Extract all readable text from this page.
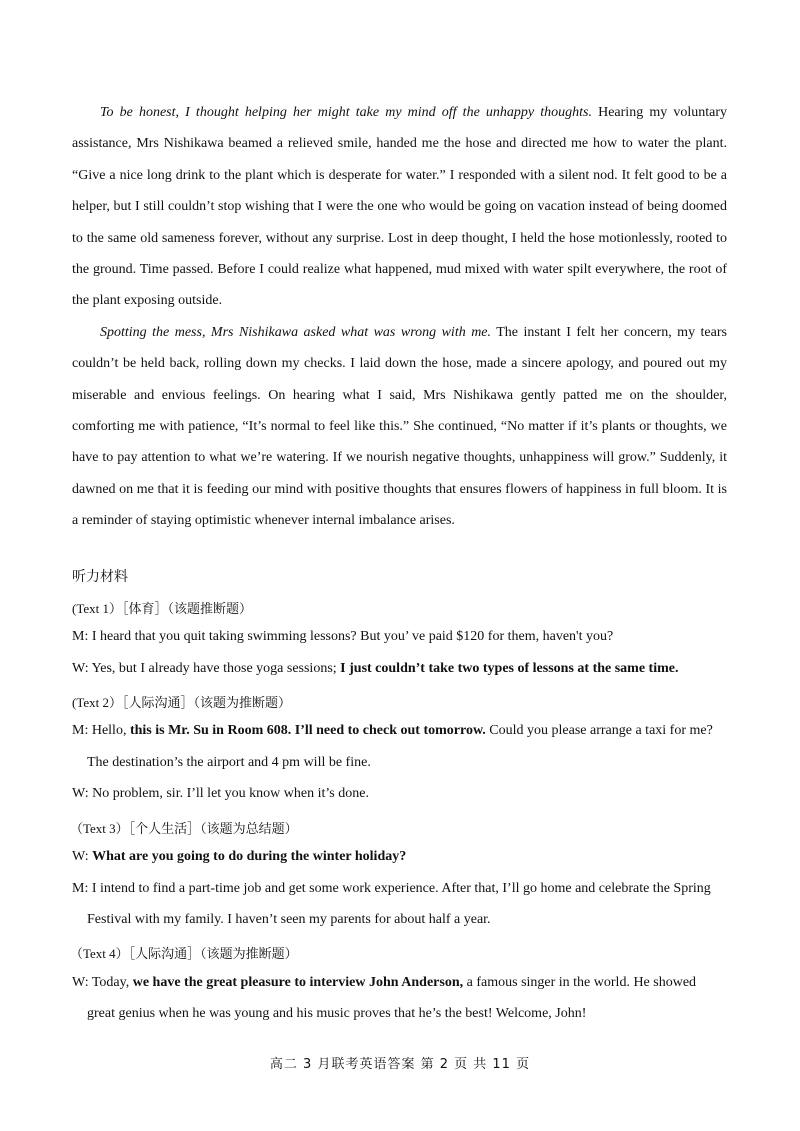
To be honest, I thought helping her might take my mind off the unhappy thoughts. Hearing my voluntary assistance, Mrs Nishikawa beamed a relieved smile, handed me the hose and directed me how to water the plant. “Give a nice long drink to the plant which is desperate for water.” I responded with a silent nod. It felt good to be a helper, but I still couldn’t stop wishing that I were the one who would be going on vacation instead of being doomed to the same old sameness forever, without any surprise. Lost in deep thought, I held the hose motionlessly, rooted to the ground. Time passed. Before I could realize what happened, mud mixed with water spilt everywhere, the root of the plant exposing outside.

Spotting the mess, Mrs Nishikawa asked what was wrong with me. The instant I felt her concern, my tears couldn’t be held back, rolling down my checks. I laid down the hose, made a sincere apology, and poured out my miserable and envious feelings. On hearing what I said, Mrs Nishikawa gently patted me on the shoulder, comforting me with patience, “It’s normal to feel like this.” She continued, “No matter if it’s plants or thoughts, we have to pay attention to what we’re watering. If we nourish negative thoughts, unhappiness will grow.” Suddenly, it dawned on me that it is feeding our mind with positive thoughts that ensures flowers of happiness in full bloom. It is a reminder of staying optimistic whenever internal imbalance arises.

听力材料
(Text 1）［体育］（该题推断题）
M: I heard that you quit taking swimming lessons? But you’ ve paid $120 for them, haven't you?
W: Yes, but I already have those yoga sessions; I just couldn’t take two types of lessons at the same time.
(Text 2）［人际沟通］（该题为推断题）
M: Hello, this is Mr. Su in Room 608. I’ll need to check out tomorrow. Could you please arrange a taxi for me?
The destination’s the airport and 4 pm will be fine.
W: No problem, sir. I’ll let you know when it’s done.
（Text 3）［个人生活］（该题为总结题）
W: What are you going to do during the winter holiday?
M: I intend to find a part-time job and get some work experience. After that, I’ll go home and celebrate the Spring
Festival with my family. I haven’t seen my parents for about half a year.
（Text 4）［人际沟通］（该题为推断题）
W: Today, we have the great pleasure to interview John Anderson, a famous singer in the world. He showed
great genius when he was young and his music proves that he’s the best! Welcome, John!
高二 3 月联考英语答案 第 2 页 共 11 页
